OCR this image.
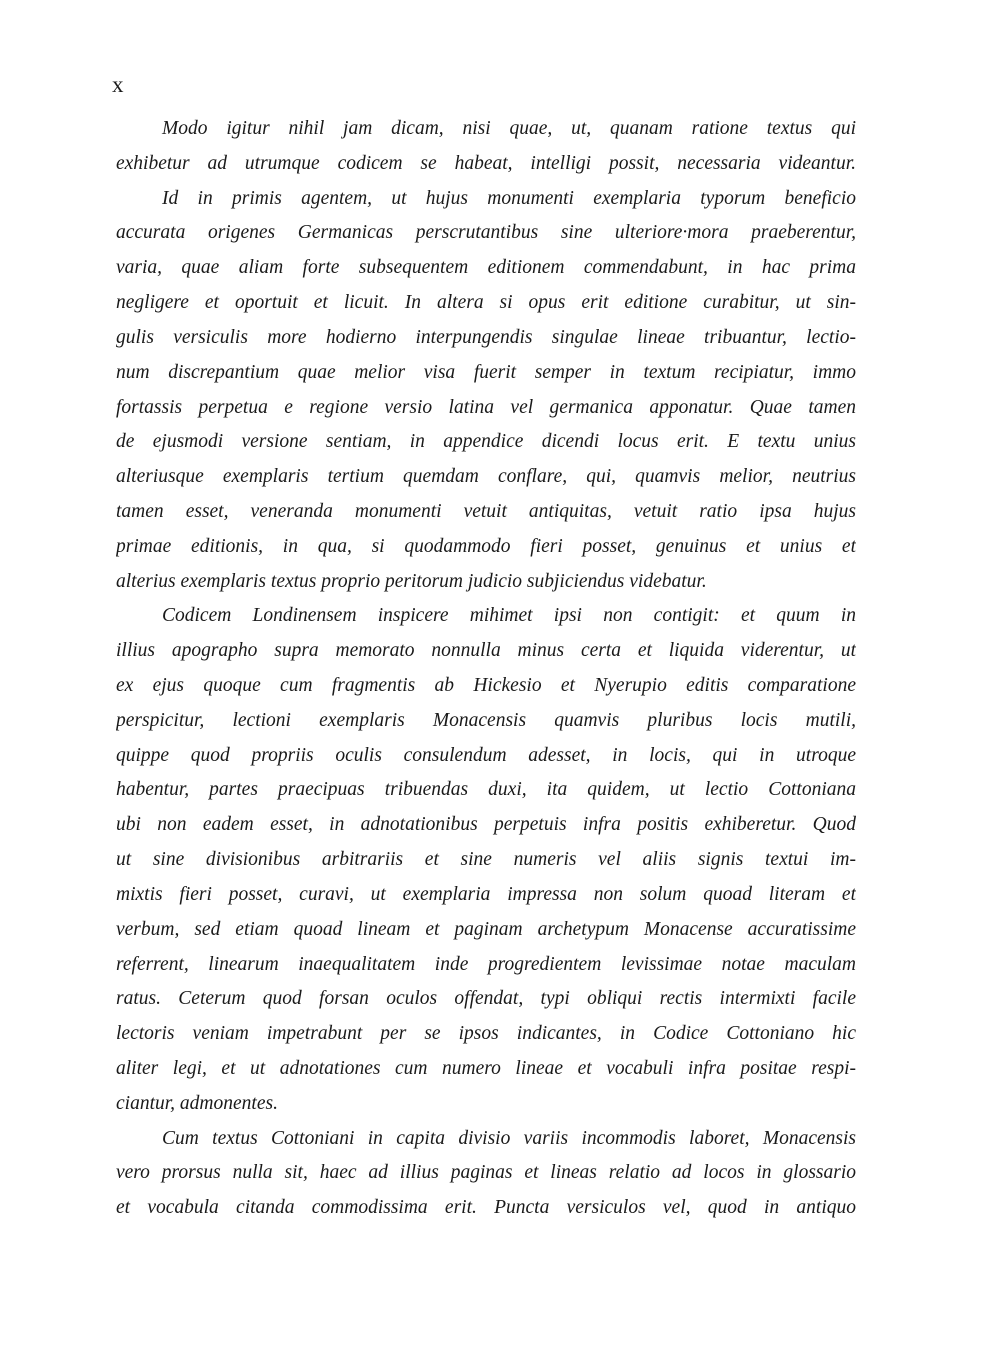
x
Modo igitur nihil jam dicam, nisi quae, ut, quanam ratione textus qui
exhibetur ad utrumque codicem se habeat, intelligi possit, necessaria videantur.
Id in primis agentem, ut hujus monumenti exemplaria typorum beneficio
accurata origenes Germanicas perscrutantibus sine ulteriore·mora praeberentur,
varia, quae aliam forte subsequentem editionem commendabunt, in hac prima
negligere et oportuit et licuit. In altera si opus erit editione curabitur, ut sin-
gulis versiculis more hodierno interpungendis singulae lineae tribuantur, lectio-
num discrepantium quae melior visa fuerit semper in textum recipiatur, immo
fortassis perpetua e regione versio latina vel germanica apponatur. Quae tamen
de ejusmodi versione sentiam, in appendice dicendi locus erit. E textu unius
alteriusque exemplaris tertium quemdam conflare, qui, quamvis melior, neutrius
tamen esset, veneranda monumenti vetuit antiquitas, vetuit ratio ipsa hujus
primae editionis, in qua, si quodammodo fieri posset, genuinus et unius et
alterius exemplaris textus proprio peritorum judicio subjiciendus videbatur.
Codicem Londinensem inspicere mihimet ipsi non contigit: et quum in
illius apographo supra memorato nonnulla minus certa et liquida viderentur, ut
ex ejus quoque cum fragmentis ab Hickesio et Nyerupio editis comparatione
perspicitur, lectioni exemplaris Monacensis quamvis pluribus locis mutili,
quippe quod propriis oculis consulendum adesset, in locis, qui in utroque
habentur, partes praecipuas tribuendas duxi, ita quidem, ut lectio Cottoniana
ubi non eadem esset, in adnotationibus perpetuis infra positis exhiberetur. Quod
ut sine divisionibus arbitrariis et sine numeris vel aliis signis textui im-
mixtis fieri posset, curavi, ut exemplaria impressa non solum quoad literam et
verbum, sed etiam quoad lineam et paginam archetypum Monacense accuratissime
referrent, linearum inaequalitatem inde progredientem levissimae notae maculam
ratus. Ceterum quod forsan oculos offendat, typi obliqui rectis intermixti facile
lectoris veniam impetrabunt per se ipsos indicantes, in Codice Cottoniano hic
aliter legi, et ut adnotationes cum numero lineae et vocabuli infra positae respi-
ciantur, admonentes.
Cum textus Cottoniani in capita divisio variis incommodis laboret, Monacensis
vero prorsus nulla sit, haec ad illius paginas et lineas relatio ad locos in glossario
et vocabula citanda commodissima erit. Puncta versiculos vel, quod in antiquo
